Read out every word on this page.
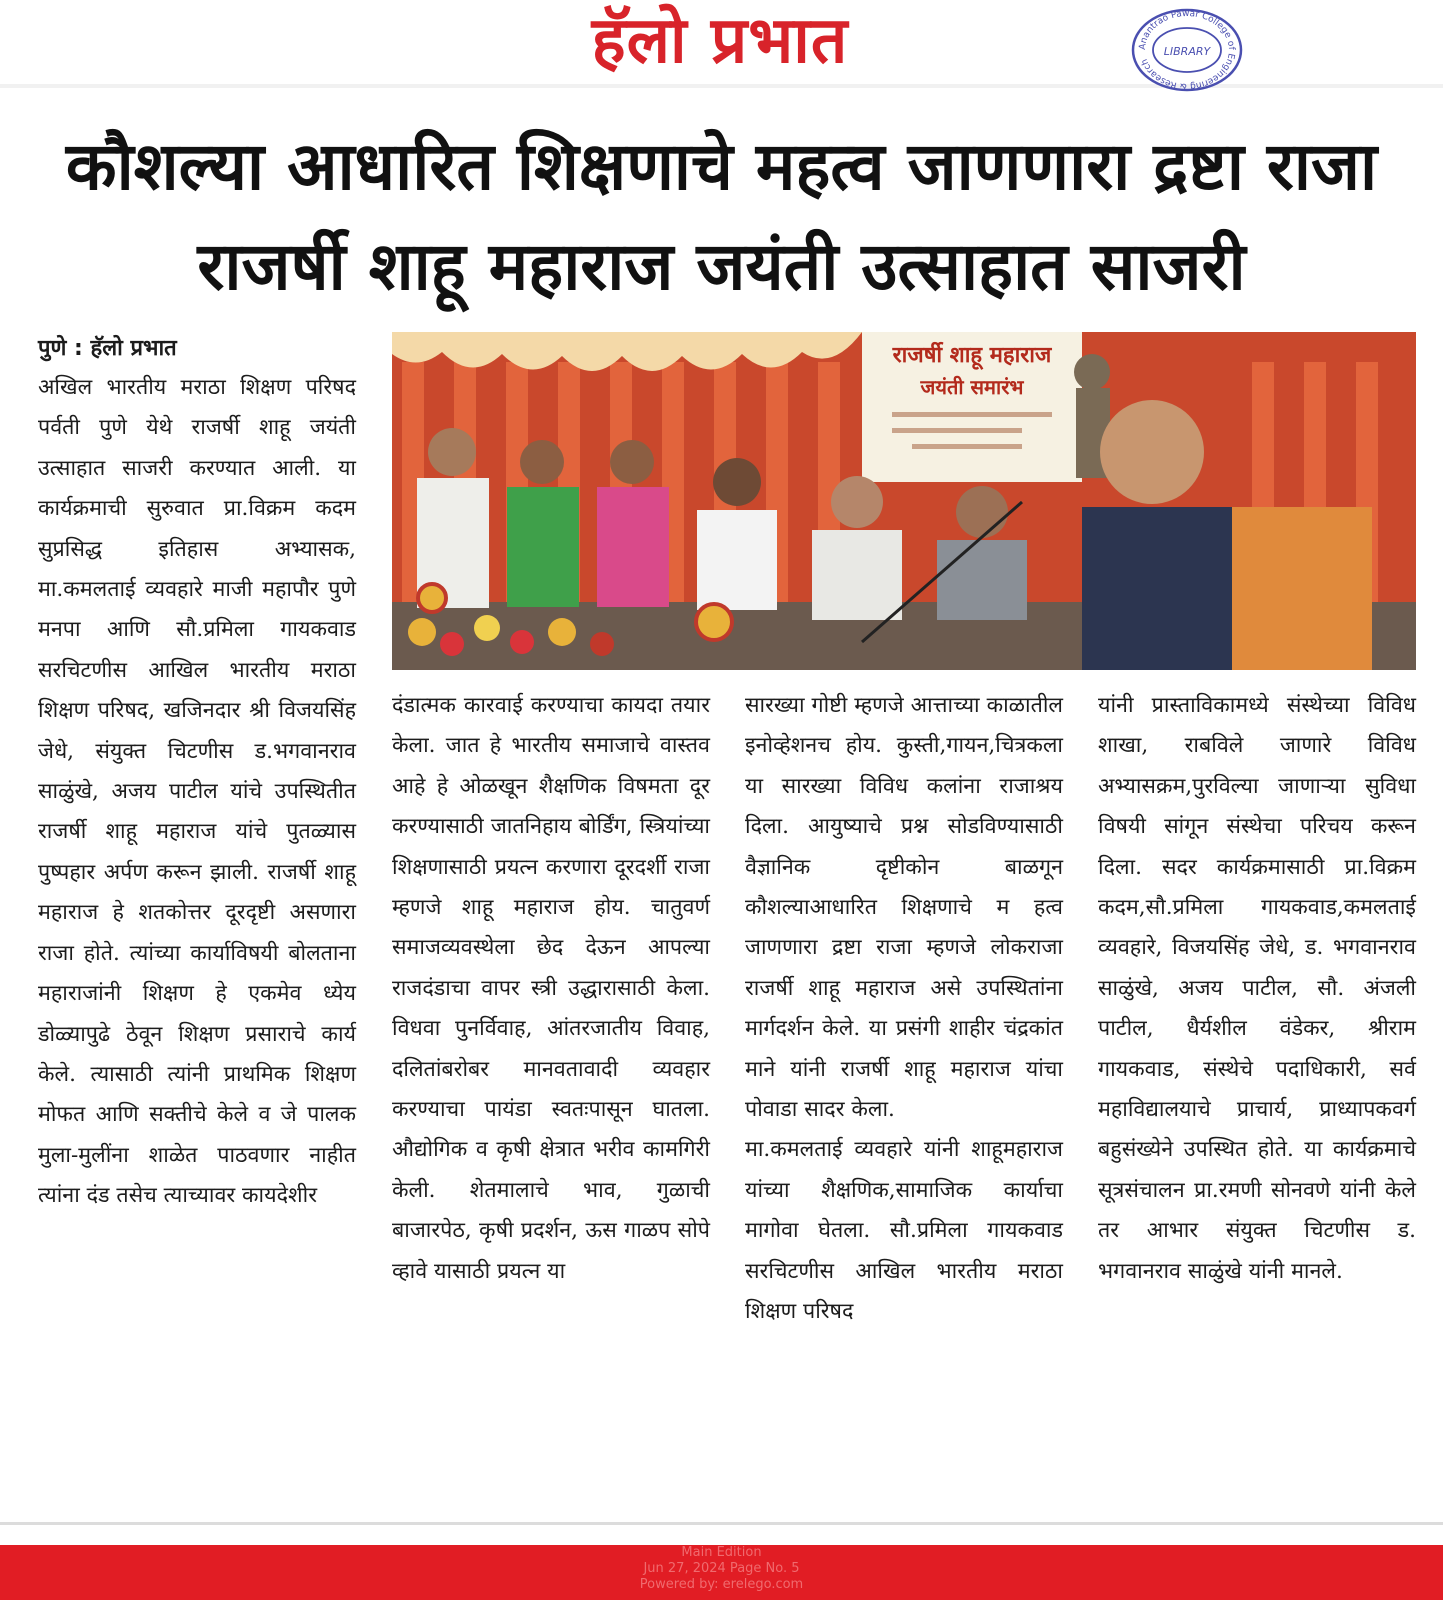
हॅलो प्रभात	Anantrao Pawar College of Engineering & Research
LIBRARY
कौशल्या आधारित शिक्षणाचे महत्व जाणणारा द्रष्टा राजा
राजर्षी शाहू महाराज जयंती उत्साहात साजरी

पुणे : हॅलो प्रभात

अखिल भारतीय मराठा शिक्षण परिषद पर्वती पुणे येथे राजर्षी शाहू जयंती उत्साहात साजरी करण्यात आली. या कार्यक्रमाची सुरुवात प्रा.विक्रम कदम सुप्रसिद्ध इतिहास अभ्यासक, मा.कमलताई व्यवहारे माजी महापौर पुणे मनपा आणि सौ.प्रमिला गायकवाड सरचिटणीस आखिल भारतीय मराठा शिक्षण परिषद, खजिनदार श्री विजयसिंह जेधे, संयुक्त चिटणीस ड.भगवानराव साळुंखे, अजय पाटील यांचे उपस्थितीत राजर्षी शाहू महाराज यांचे पुतळ्यास पुष्पहार अर्पण करून झाली. राजर्षी शाहू महाराज हे शतकोत्तर दूरदृष्टी असणारा राजा होते. त्यांच्या कार्याविषयी बोलताना महाराजांनी शिक्षण हे एकमेव ध्येय डोळ्यापुढे ठेवून शिक्षण प्रसाराचे कार्य केले. त्यासाठी त्यांनी प्राथमिक शिक्षण मोफत आणि सक्तीचे केले व जे पालक मुला-मुलींना शाळेत पाठवणार नाहीत त्यांना दंड तसेच त्याच्यावर कायदेशीर

राजर्षी शाहू महाराज
जयंती समारंभ

दंडात्मक कारवाई करण्याचा कायदा तयार केला. जात हे भारतीय समाजाचे वास्तव आहे हे ओळखून शैक्षणिक विषमता दूर करण्यासाठी जातनिहाय बोर्डिंग, स्त्रियांच्या शिक्षणासाठी प्रयत्न करणारा दूरदर्शी राजा म्हणजे शाहू महाराज होय. चातुवर्ण समाजव्यवस्थेला छेद देऊन आपल्या राजदंडाचा वापर स्त्री उद्धारासाठी केला. विधवा पुनर्विवाह, आंतरजातीय विवाह, दलितांबरोबर मानवतावादी व्यवहार करण्याचा पायंडा स्वतःपासून घातला. औद्योगिक व कृषी क्षेत्रात भरीव कामगिरी केली. शेतमालाचे भाव, गुळाची बाजारपेठ, कृषी प्रदर्शन, ऊस गाळप सोपे व्हावे यासाठी प्रयत्न या

सारख्या गोष्टी म्हणजे आत्ताच्या काळातील इनोव्हेशनच होय. कुस्ती,गायन,चित्रकला या सारख्या विविध कलांना राजाश्रय दिला. आयुष्याचे प्रश्न सोडविण्यासाठी वैज्ञानिक दृष्टीकोन बाळगून कौशल्याआधारित शिक्षणाचे म हत्व जाणणारा द्रष्टा राजा म्हणजे लोकराजा राजर्षी शाहू महाराज असे उपस्थितांना मार्गदर्शन केले. या प्रसंगी शाहीर चंद्रकांत माने यांनी राजर्षी शाहू महाराज यांचा पोवाडा सादर केला.

मा.कमलताई व्यवहारे यांनी शाहूमहाराज यांच्या शैक्षणिक,सामाजिक कार्याचा मागोवा घेतला. सौ.प्रमिला गायकवाड सरचिटणीस आखिल भारतीय मराठा शिक्षण परिषद

यांनी प्रास्ताविकामध्ये संस्थेच्या विविध शाखा, राबविले जाणारे विविध अभ्यासक्रम,पुरविल्या जाणाऱ्या सुविधा विषयी सांगून संस्थेचा परिचय करून दिला. सदर कार्यक्रमासाठी प्रा.विक्रम कदम,सौ.प्रमिला गायकवाड,कमलताई व्यवहारे, विजयसिंह जेधे, ड. भगवानराव साळुंखे, अजय पाटील, सौ. अंजली पाटील, धैर्यशील वंडेकर, श्रीराम गायकवाड, संस्थेचे पदाधिकारी, सर्व महाविद्यालयाचे प्राचार्य, प्राध्यापकवर्ग बहुसंख्येने उपस्थित होते. या कार्यक्रमाचे सूत्रसंचालन प्रा.रमणी सोनवणे यांनी केले तर आभार संयुक्त चिटणीस ड. भगवानराव साळुंखे यांनी मानले.

Main Edition
Jun 27, 2024 Page No. 5
Powered by: erelego.com
